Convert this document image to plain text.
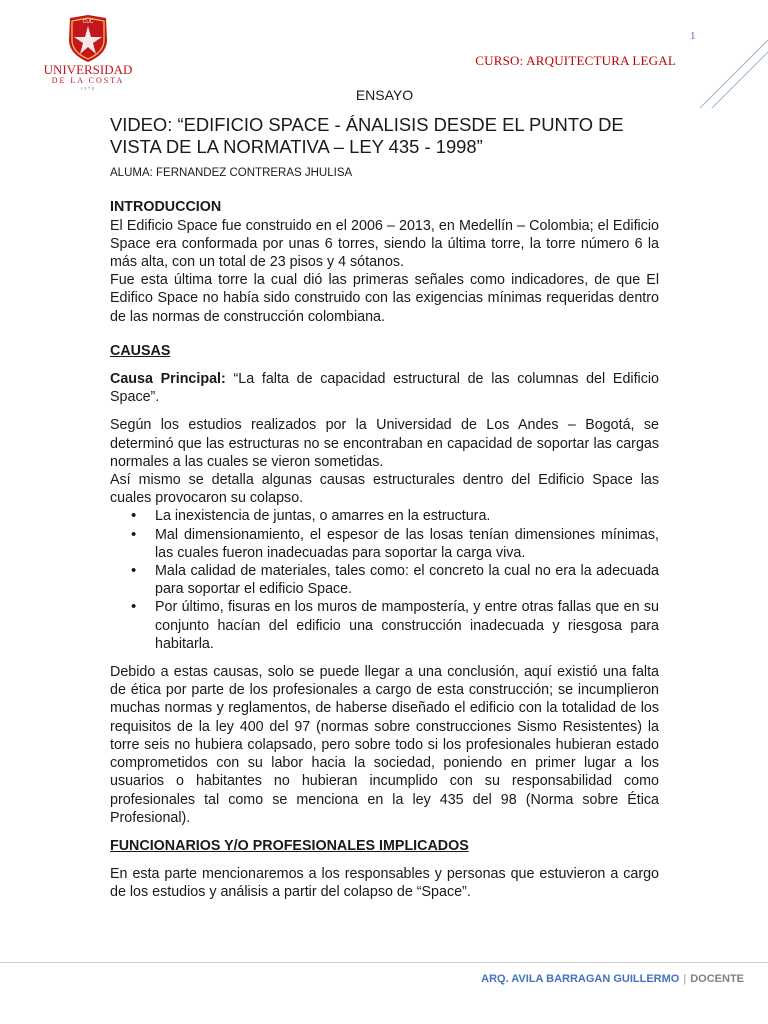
CUC
UNIVERSIDAD
DE LA COSTA
1970
1
CURSO: ARQUITECTURA LEGAL
ENSAYO
VIDEO: “EDIFICIO SPACE - ÁNALISIS DESDE EL PUNTO DE VISTA DE LA NORMATIVA – LEY 435 - 1998”
ALUMA: FERNANDEZ CONTRERAS JHULISA
INTRODUCCION

El Edificio Space fue construido en el 2006 – 2013, en Medellín – Colombia; el Edificio Space era conformada por unas 6 torres, siendo la última torre, la torre número 6 la más alta, con un total de 23 pisos y 4 sótanos.

Fue esta última torre la cual dió las primeras señales como indicadores, de que El Edifico Space no había sido construido con las exigencias mínimas requeridas dentro de las normas de construcción colombiana.

CAUSAS

Causa Principal: “La falta de capacidad estructural de las columnas del Edificio Space”.

Según los estudios realizados por la Universidad de Los Andes – Bogotá, se determinó que las estructuras no se encontraban en capacidad de soportar las cargas normales a las cuales se vieron sometidas.

Así mismo se detalla algunas causas estructurales dentro del Edificio Space las cuales provocaron su colapso.

• La inexistencia de juntas, o amarres en la estructura.
• Mal dimensionamiento, el espesor de las losas tenían dimensiones mínimas, las cuales fueron inadecuadas para soportar la carga viva.
• Mala calidad de materiales, tales como: el concreto la cual no era la adecuada para soportar el edificio Space.
• Por último, fisuras en los muros de mampostería, y entre otras fallas que en su conjunto hacían del edificio una construcción inadecuada y riesgosa para habitarla.

Debido a estas causas, solo se puede llegar a una conclusión, aquí existió una falta de ética por parte de los profesionales a cargo de esta construcción; se incumplieron muchas normas y reglamentos, de haberse diseñado el edificio con la totalidad de los requisitos de la ley 400 del 97 (normas sobre construcciones Sismo Resistentes) la torre seis no hubiera colapsado, pero sobre todo si los profesionales hubieran estado comprometidos con su labor hacia la sociedad, poniendo en primer lugar a los usuarios o habitantes no hubieran incumplido con su responsabilidad como profesionales tal como se menciona en la ley 435 del 98 (Norma sobre Ética Profesional).

FUNCIONARIOS Y/O PROFESIONALES IMPLICADOS

En esta parte mencionaremos a los responsables y personas que estuvieron a cargo de los estudios y análisis a partir del colapso de “Space”.

ARQ. AVILA BARRAGAN GUILLERMO | DOCENTE
